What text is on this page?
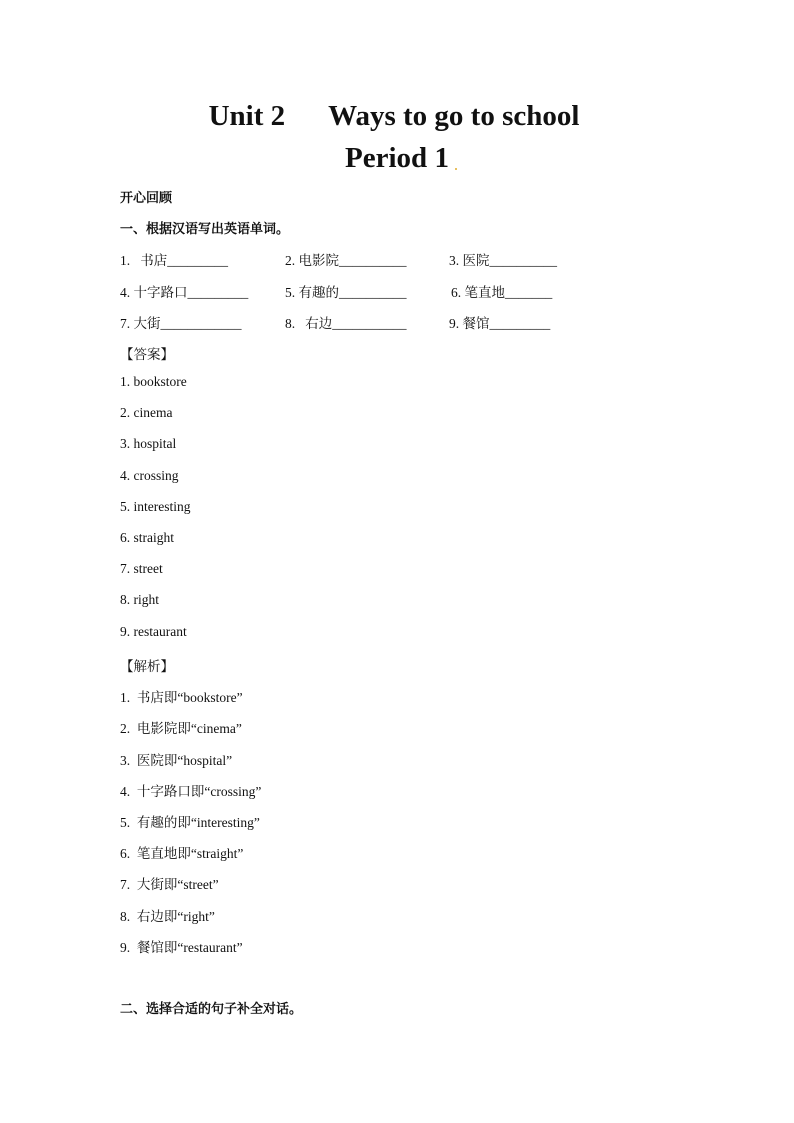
Unit 2      Ways to go to school
Period 1
开心回顾
一、根据汉语写出英语单词。
1.   书店_________	2. 电影院__________	3. 医院__________
4. 十字路口_________	5. 有趣的__________	6. 笔直地_______
7. 大街____________	8.   右边___________	9. 餐馆_________
【答案】
1. bookstore
2. cinema
3. hospital
4. crossing
5. interesting
6. straight
7. street
8. right
9. restaurant
【解析】
1.  书店即“bookstore”
2.  电影院即“cinema”
3.  医院即“hospital”
4.  十字路口即“crossing”
5.  有趣的即“interesting”
6.  笔直地即“straight”
7.  大街即“street”
8.  右边即“right”
9.  餐馆即“restaurant”
二、选择合适的句子补全对话。
